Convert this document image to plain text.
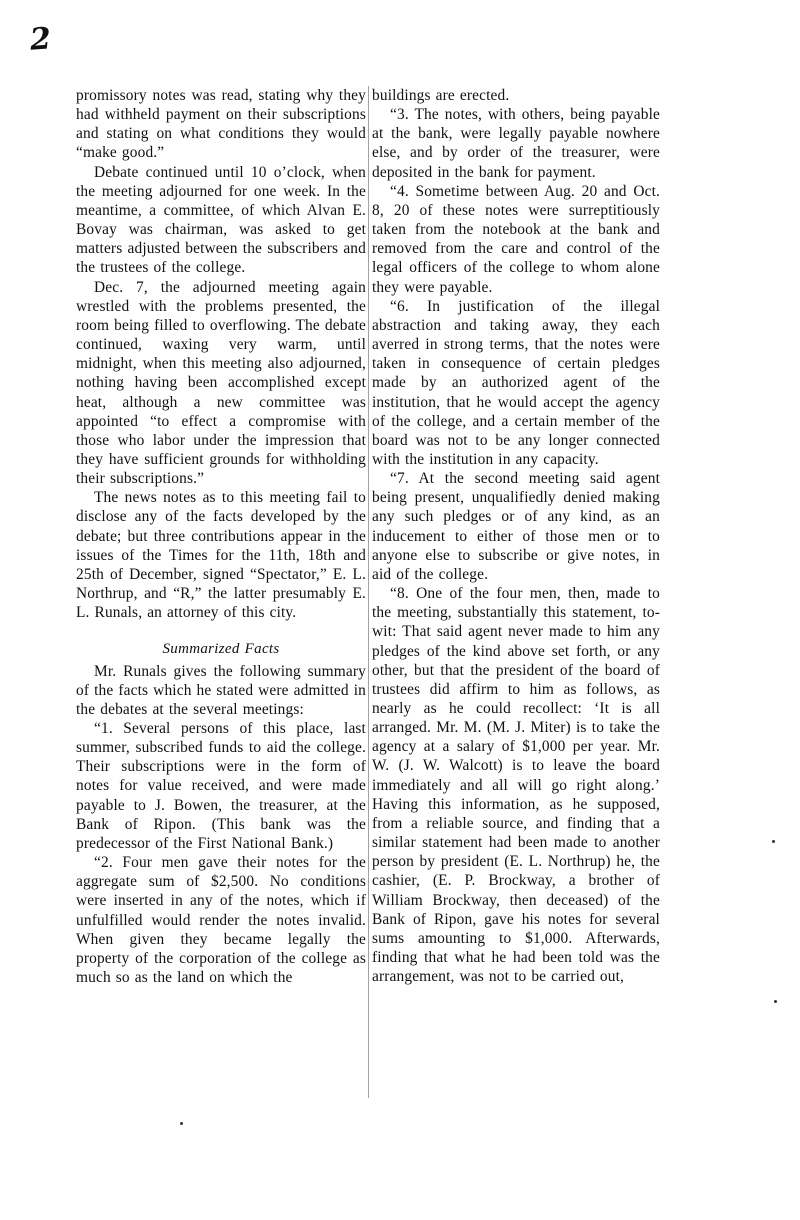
2

promissory notes was read, stating why they had withheld payment on their subscriptions and stating on what conditions they would “make good.”

Debate continued until 10 o’clock, when the meeting adjourned for one week. In the meantime, a committee, of which Alvan E. Bovay was chairman, was asked to get matters adjusted between the subscribers and the trustees of the college.

Dec. 7, the adjourned meeting again wrestled with the problems presented, the room being filled to overflowing. The debate continued, waxing very warm, until midnight, when this meeting also adjourned, nothing having been accomplished except heat, although a new committee was appointed “to effect a compromise with those who labor under the impression that they have sufficient grounds for withholding their subscriptions.”

The news notes as to this meeting fail to disclose any of the facts developed by the debate; but three contributions appear in the issues of the Times for the 11th, 18th and 25th of December, signed “Spectator,” E. L. Northrup, and “R,” the latter presumably E. L. Runals, an attorney of this city.

Summarized Facts

Mr. Runals gives the following summary of the facts which he stated were admitted in the debates at the several meetings:

“1. Several persons of this place, last summer, subscribed funds to aid the college. Their subscriptions were in the form of notes for value received, and were made payable to J. Bowen, the treasurer, at the Bank of Ripon. (This bank was the predecessor of the First National Bank.)

“2. Four men gave their notes for the aggregate sum of $2,500. No conditions were inserted in any of the notes, which if unfulfilled would render the notes invalid. When given they became legally the property of the corporation of the college as much so as the land on which the

buildings are erected.

“3. The notes, with others, being payable at the bank, were legally payable nowhere else, and by order of the treasurer, were deposited in the bank for payment.

“4. Sometime between Aug. 20 and Oct. 8, 20 of these notes were surreptitiously taken from the notebook at the bank and removed from the care and control of the legal officers of the college to whom alone they were payable.

“6. In justification of the illegal abstraction and taking away, they each averred in strong terms, that the notes were taken in consequence of certain pledges made by an authorized agent of the institution, that he would accept the agency of the college, and a certain member of the board was not to be any longer connected with the institution in any capacity.

“7. At the second meeting said agent being present, unqualifiedly denied making any such pledges or of any kind, as an inducement to either of those men or to anyone else to subscribe or give notes, in aid of the college.

“8. One of the four men, then, made to the meeting, substantially this statement, to-wit: That said agent never made to him any pledges of the kind above set forth, or any other, but that the president of the board of trustees did affirm to him as follows, as nearly as he could recollect: ‘It is all arranged. Mr. M. (M. J. Miter) is to take the agency at a salary of $1,000 per year. Mr. W. (J. W. Walcott) is to leave the board immediately and all will go right along.’ Having this information, as he supposed, from a reliable source, and finding that a similar statement had been made to another person by president (E. L. Northrup) he, the cashier, (E. P. Brockway, a brother of William Brockway, then deceased) of the Bank of Ripon, gave his notes for several sums amounting to $1,000. Afterwards, finding that what he had been told was the arrangement, was not to be carried out,
